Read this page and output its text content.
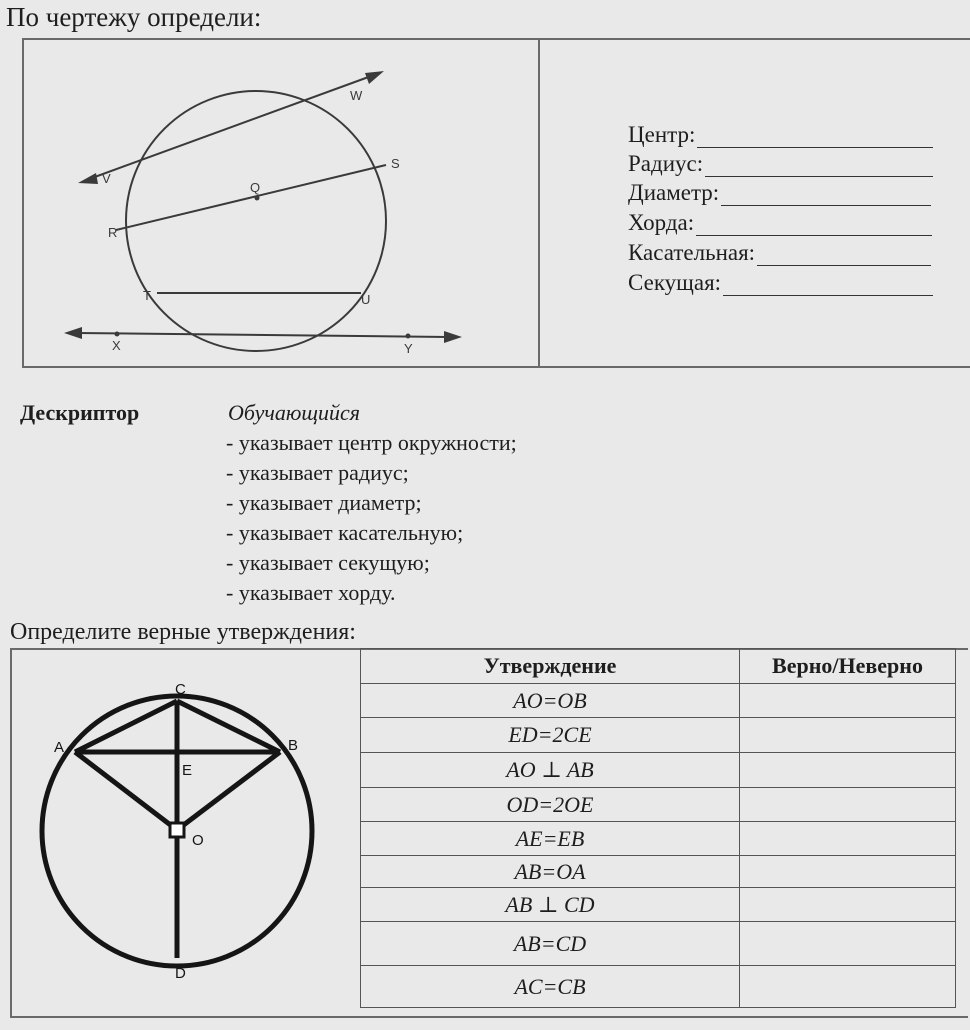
По чертежу определи:
V
W
S
Q
R
T	U
X	Y
Центр:
Радиус:
Диаметр:
Хорда:
Касательная:
Секущая:
Дескриптор	Обучающийся
- указывает центр окружности;
- указывает радиус;
- указывает диаметр;
- указывает касательную;
- указывает секущую;
- указывает хорду.
Определите верные утверждения:
C
A	B
E
O
D
Утверждение	Верно/Неверно
AO=OB	
ED=2CE	
AO ⊥ AB	
OD=2OE	
AE=EB	
AB=OA	
AB ⊥ CD	
AB=CD	
AC=CB	
